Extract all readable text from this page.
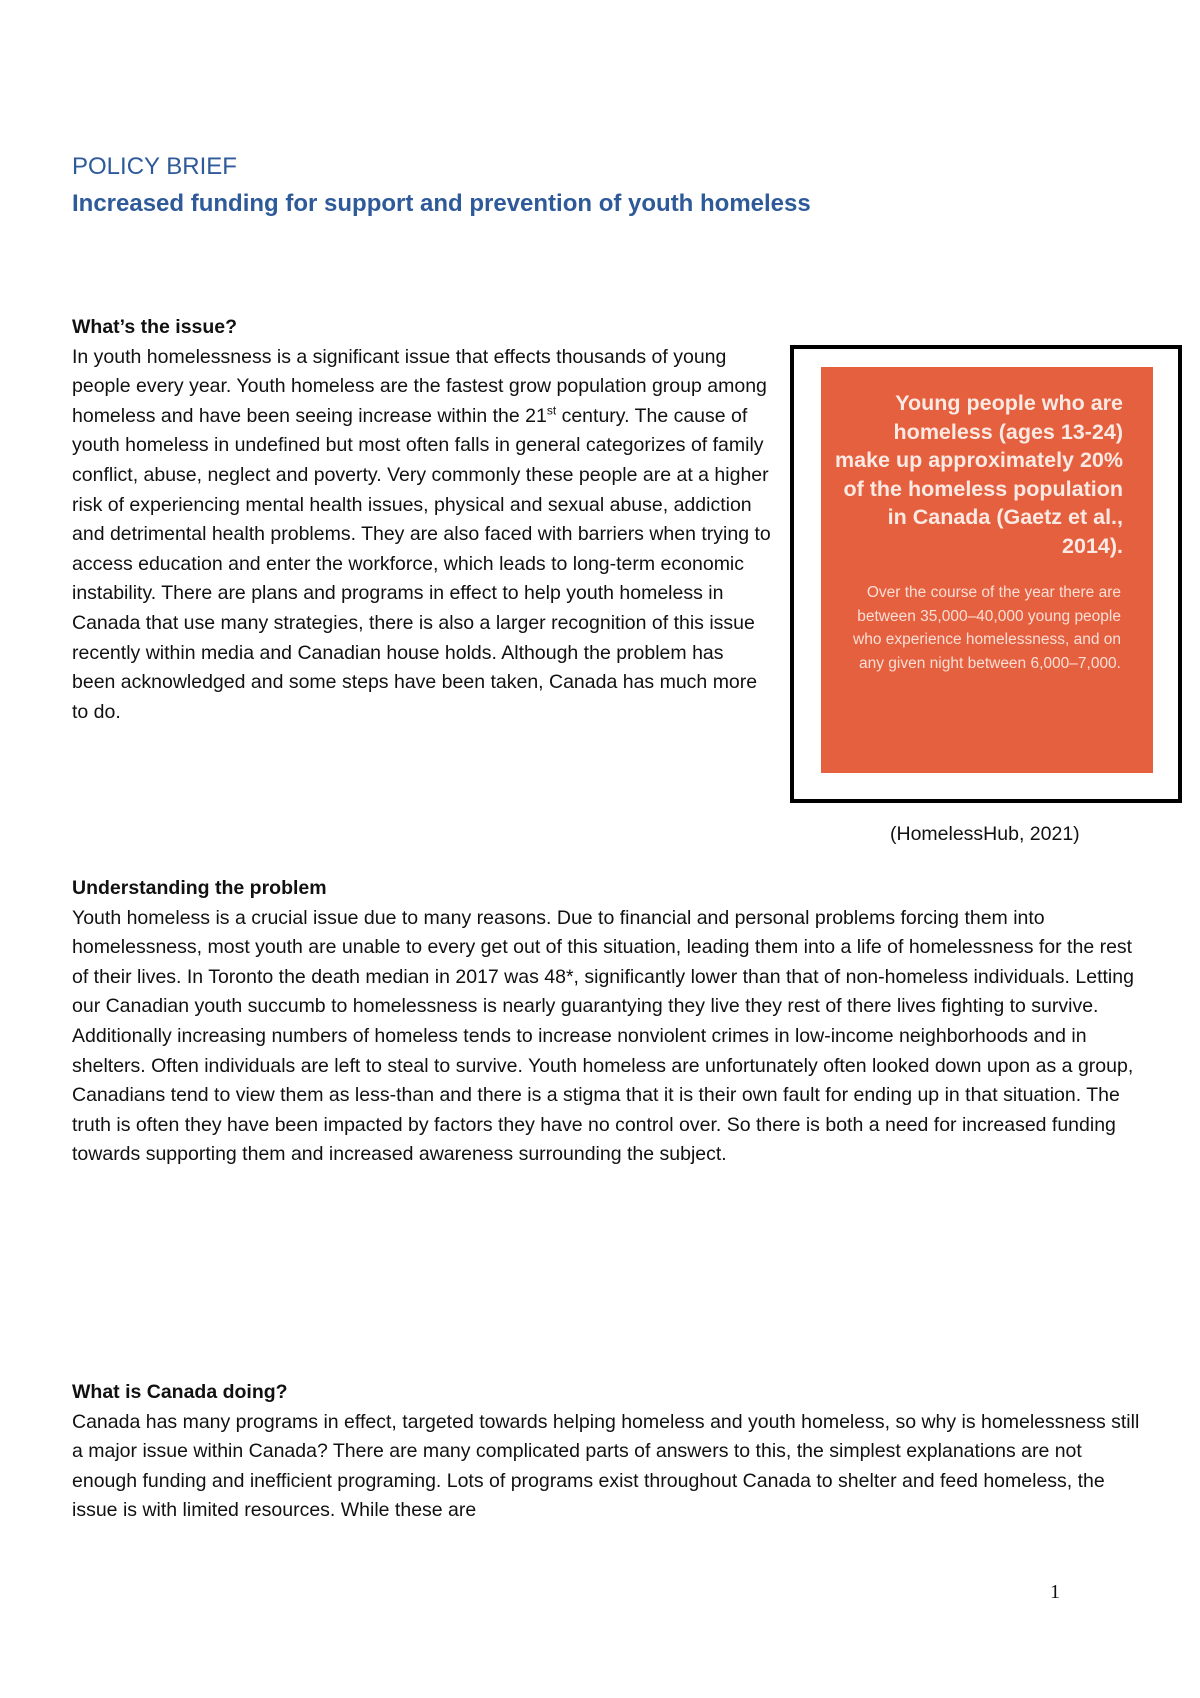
POLICY BRIEF
Increased funding for support and prevention of youth homeless

What’s the issue?

In youth homelessness is a significant issue that effects thousands of young people every year. Youth homeless are the fastest grow population group among homeless and have been seeing increase within the 21st century. The cause of youth homeless in undefined but most often falls in general categorizes of family conflict, abuse, neglect and poverty. Very commonly these people are at a higher risk of experiencing mental health issues, physical and sexual abuse, addiction and detrimental health problems. They are also faced with barriers when trying to access education and enter the workforce, which leads to long-term economic instability. There are plans and programs in effect to help youth homeless in Canada that use many strategies, there is also a larger recognition of this issue recently within media and Canadian house holds. Although the problem has been acknowledged and some steps have been taken, Canada has much more to do.

Young people who are homeless (ages 13-24) make up approximately 20% of the homeless population in Canada (Gaetz et al., 2014).
Over the course of the year there are between 35,000–40,000 young people who experience homelessness, and on any given night between 6,000–7,000.
(HomelessHub, 2021)

Understanding the problem

Youth homeless is a crucial issue due to many reasons. Due to financial and personal problems forcing them into homelessness, most youth are unable to every get out of this situation, leading them into a life of homelessness for the rest of their lives. In Toronto the death median in 2017 was 48*, significantly lower than that of non-homeless individuals. Letting our Canadian youth succumb to homelessness is nearly guarantying they live they rest of there lives fighting to survive. Additionally increasing numbers of homeless tends to increase nonviolent crimes in low-income neighborhoods and in shelters. Often individuals are left to steal to survive. Youth homeless are unfortunately often looked down upon as a group, Canadians tend to view them as less-than and there is a stigma that it is their own fault for ending up in that situation. The truth is often they have been impacted by factors they have no control over. So there is both a need for increased funding towards supporting them and increased awareness surrounding the subject.

What is Canada doing?

Canada has many programs in effect, targeted towards helping homeless and youth homeless, so why is homelessness still a major issue within Canada? There are many complicated parts of answers to this, the simplest explanations are not enough funding and inefficient programing. Lots of programs exist throughout Canada to shelter and feed homeless, the issue is with limited resources. While these are

1
